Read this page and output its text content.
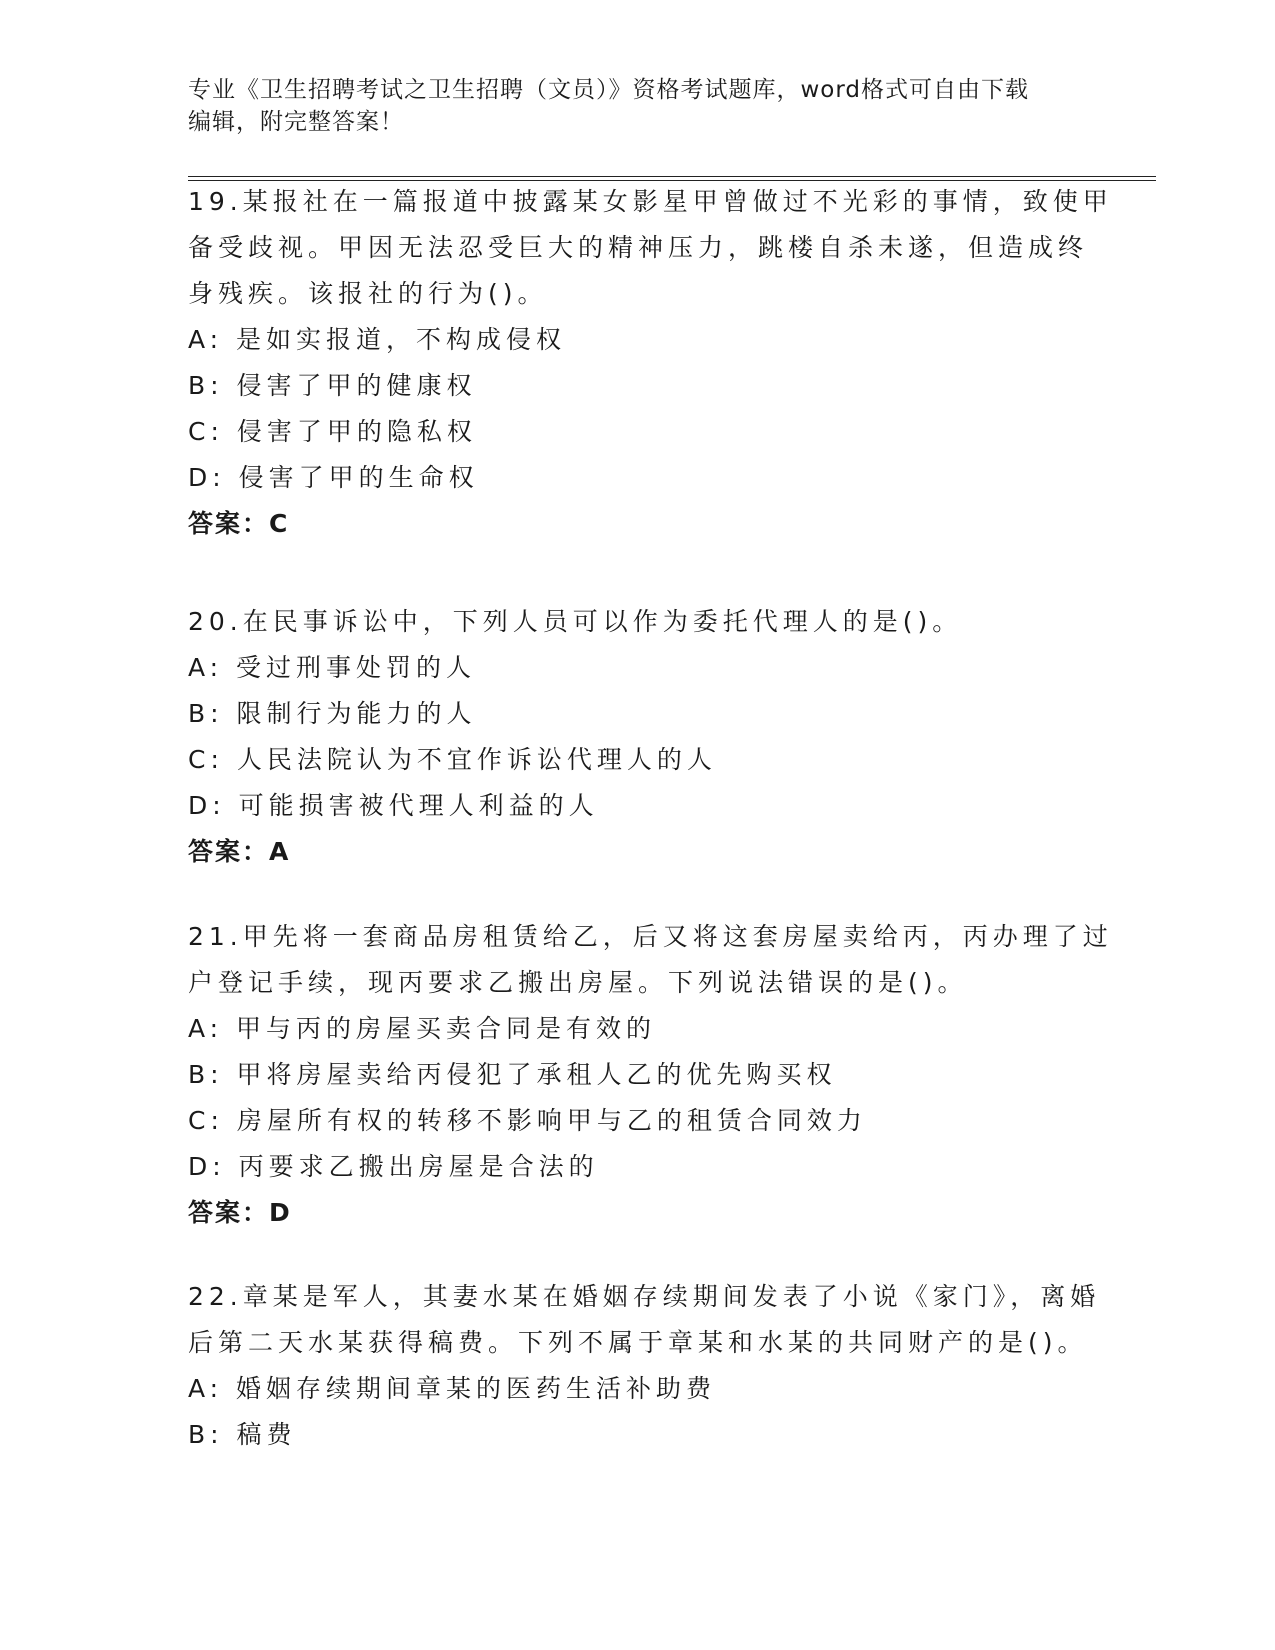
专业《卫生招聘考试之卫生招聘（文员）》资格考试题库，word格式可自由下载
编辑，附完整答案！
19.某报社在一篇报道中披露某女影星甲曾做过不光彩的事情，致使甲
备受歧视。甲因无法忍受巨大的精神压力，跳楼自杀未遂，但造成终
身残疾。该报社的行为()。
A: 是如实报道，不构成侵权
B: 侵害了甲的健康权
C: 侵害了甲的隐私权
D: 侵害了甲的生命权
答案：C
20.在民事诉讼中，下列人员可以作为委托代理人的是()。
A: 受过刑事处罚的人
B: 限制行为能力的人
C: 人民法院认为不宜作诉讼代理人的人
D: 可能损害被代理人利益的人
答案：A
21.甲先将一套商品房租赁给乙，后又将这套房屋卖给丙，丙办理了过
户登记手续，现丙要求乙搬出房屋。下列说法错误的是()。
A: 甲与丙的房屋买卖合同是有效的
B: 甲将房屋卖给丙侵犯了承租人乙的优先购买权
C: 房屋所有权的转移不影响甲与乙的租赁合同效力
D: 丙要求乙搬出房屋是合法的
答案：D
22.章某是军人，其妻水某在婚姻存续期间发表了小说《家门》，离婚
后第二天水某获得稿费。下列不属于章某和水某的共同财产的是()。
A: 婚姻存续期间章某的医药生活补助费
B: 稿费
